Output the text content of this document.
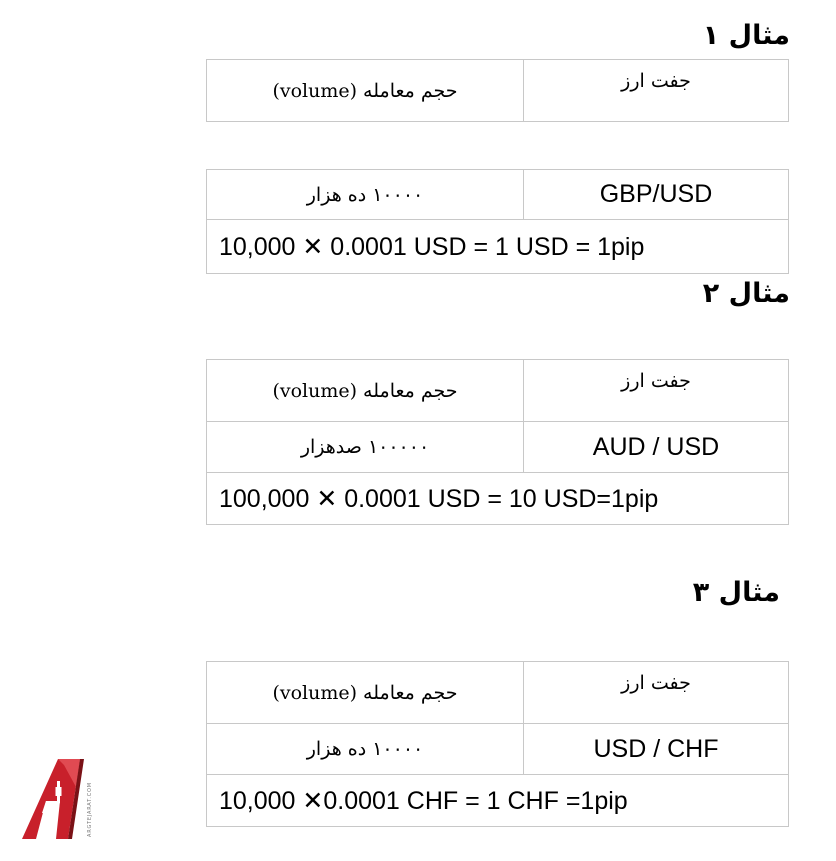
مثال ۱
حجم معامله (volume)	جفت ارز
۱۰۰۰۰ ده هزار	GBP/USD
10,000 ✕ 0.0001 USD = 1 USD = 1pip
مثال ۲
حجم معامله (volume)	جفت ارز
۱۰۰۰۰۰ صدهزار	AUD / USD
100,000 ✕ 0.0001 USD = 10 USD=1pip	
مثال ۳
حجم معامله (volume)	جفت ارز
۱۰۰۰۰ ده هزار	USD / CHF
10,000 ✕0.0001 CHF = 1 CHF =1pip	
ARGTEJARAT.COM
